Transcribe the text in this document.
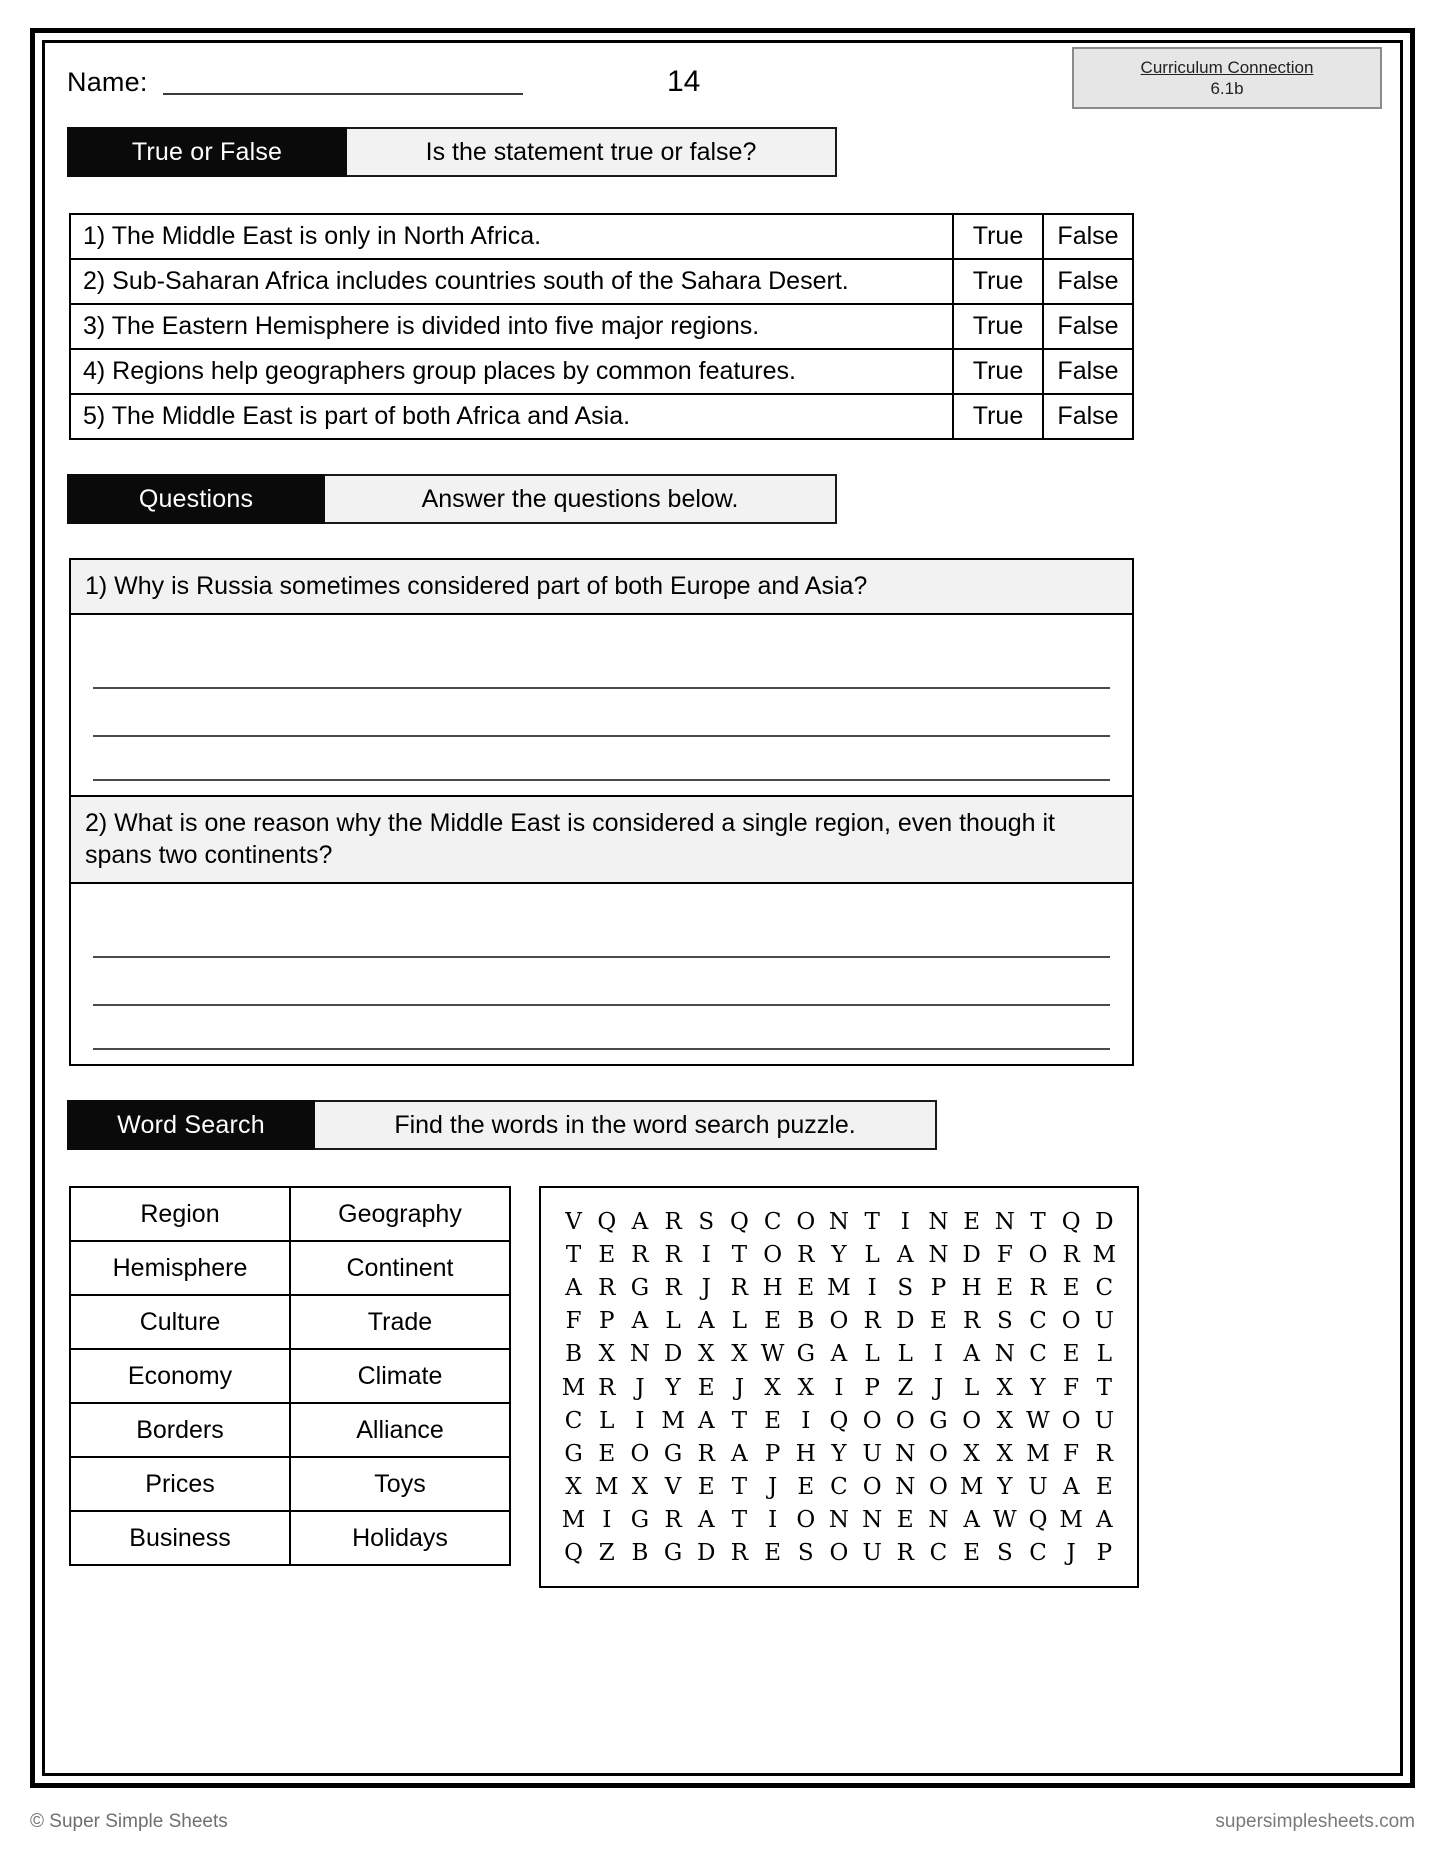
Name:	14	Curriculum Connection
6.1b
True or False	Is the statement true or false?
1) The Middle East is only in North Africa.	True	False
2) Sub-Saharan Africa includes countries south of the Sahara Desert.	True	False
3) The Eastern Hemisphere is divided into five major regions.	True	False
4) Regions help geographers group places by common features.	True	False
5) The Middle East is part of both Africa and Asia.	True	False
Questions	Answer the questions below.
1) Why is Russia sometimes considered part of both Europe and Asia?
2) What is one reason why the Middle East is considered a single region, even though it spans two continents?
Word Search	Find the words in the word search puzzle.
Region	Geography
Hemisphere	Continent
Culture	Trade
Economy	Climate
Borders	Alliance
Prices	Toys
Business	Holidays
V Q A R S Q C O N T I N E N T Q D
T E R R I T O R Y L A N D F O R M
A R G R J R H E M I S P H E R E C
F P A L A L E B O R D E R S C O U
B X N D X X W G A L L I A N C E L
M R J Y E J X X I P Z J L X Y F T
C L I M A T E I Q O O G O X W O U
G E O G R A P H Y U N O X X M F R
X M X V E T J E C O N O M Y U A E
M I G R A T I O N N E N A W Q M A
Q Z B G D R E S O U R C E S C J P
© Super Simple Sheets	supersimplesheets.com
